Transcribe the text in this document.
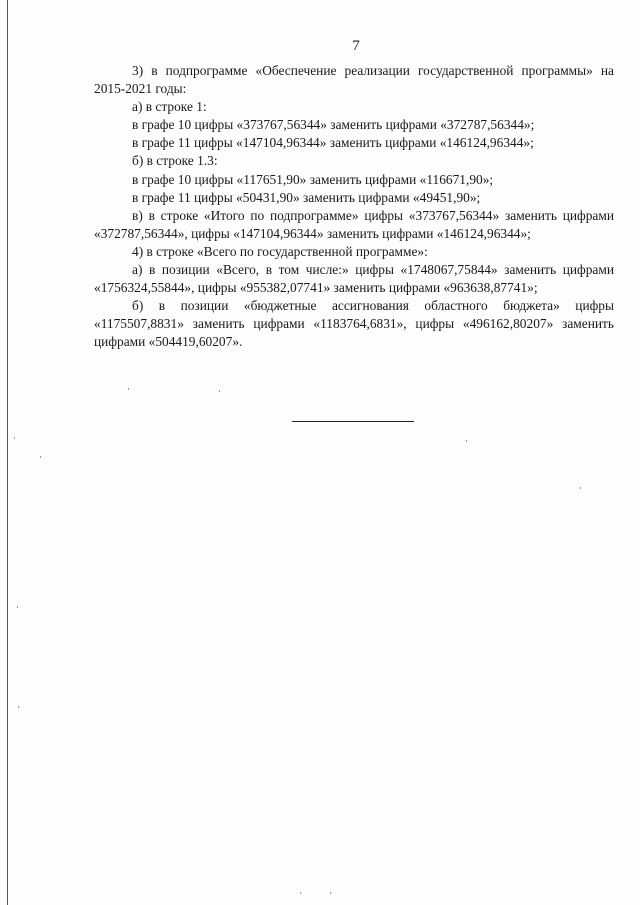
7

3) в подпрограмме «Обеспечение реализации государственной программы» на 2015-2021 годы:

а) в строке 1:

в графе 10 цифры «373767,56344» заменить цифрами «372787,56344»;

в графе 11 цифры «147104,96344» заменить цифрами «146124,96344»;

б) в строке 1.3:

в графе 10 цифры «117651,90» заменить цифрами «116671,90»;

в графе 11 цифры «50431,90» заменить цифрами «49451,90»;

в) в строке «Итого по подпрограмме» цифры «373767,56344» заменить цифрами «372787,56344», цифры «147104,96344» заменить цифрами «146124,96344»;

4) в строке «Всего по государственной программе»:

а) в позиции «Всего, в том числе:» цифры «1748067,75844» заменить цифрами «1756324,55844», цифры «955382,07741» заменить цифрами «963638,87741»;

б) в позиции «бюджетные ассигнования областного бюджета» цифры «1175507,8831» заменить цифрами «1183764,6831», цифры «496162,80207» заменить цифрами «504419,60207».
